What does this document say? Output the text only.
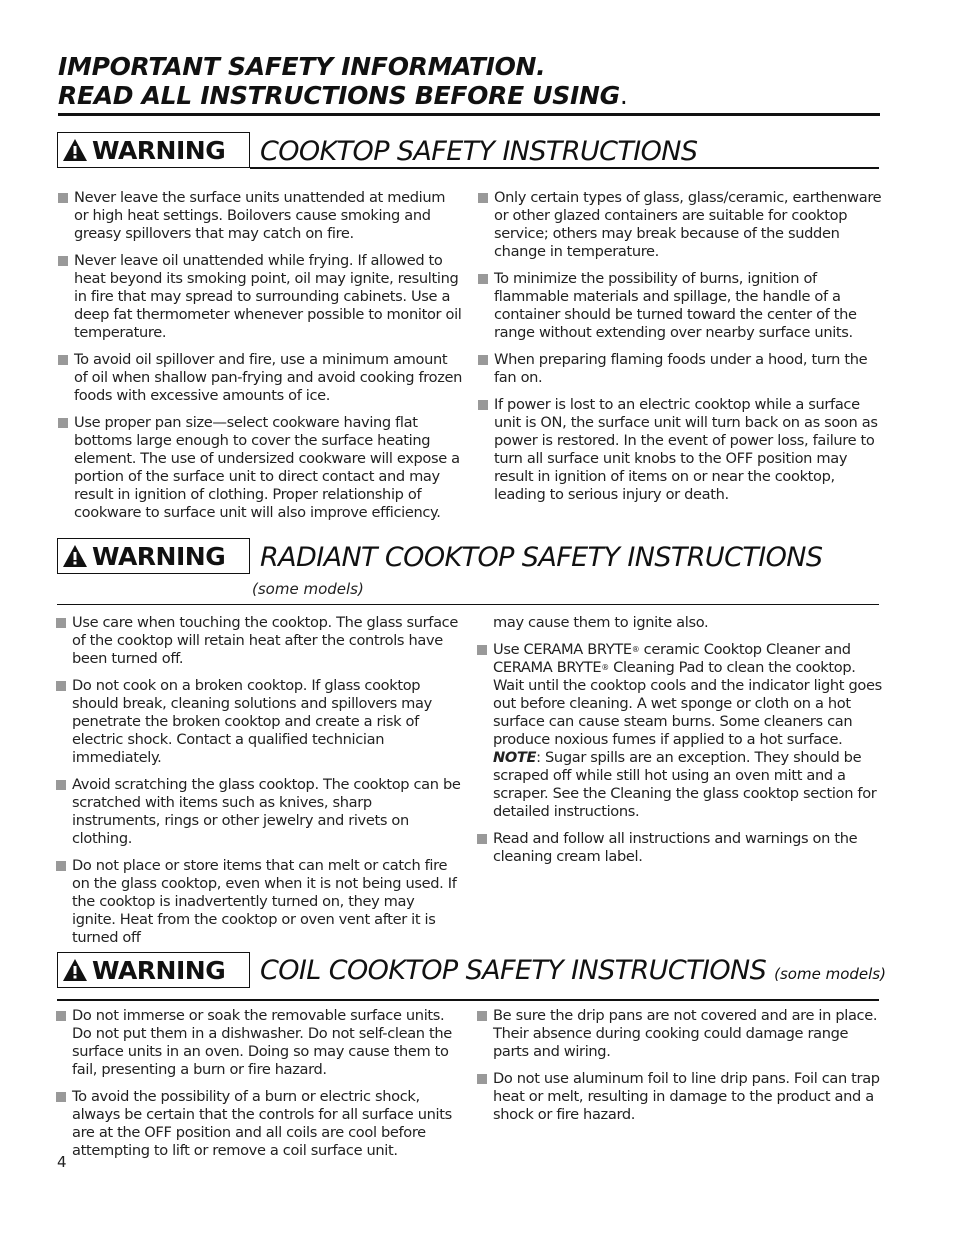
IMPORTANT SAFETY INFORMATION.
READ ALL INSTRUCTIONS BEFORE USING.
WARNING COOKTOP SAFETY INSTRUCTIONS

Never leave the surface units unattended at medium or high heat settings. Boilovers cause smoking and greasy spillovers that may catch on fire.

Never leave oil unattended while frying. If allowed to heat beyond its smoking point, oil may ignite, resulting in fire that may spread to surrounding cabinets. Use a deep fat thermometer whenever possible to monitor oil temperature.

To avoid oil spillover and fire, use a minimum amount of oil when shallow pan-frying and avoid cooking frozen foods with excessive amounts of ice.

Use proper pan size—select cookware having flat bottoms large enough to cover the surface heating element. The use of undersized cookware will expose a portion of the surface unit to direct contact and may result in ignition of clothing. Proper relationship of cookware to surface unit will also improve efficiency.

Only certain types of glass, glass/ceramic, earthenware or other glazed containers are suitable for cooktop service; others may break because of the sudden change in temperature.

To minimize the possibility of burns, ignition of flammable materials and spillage, the handle of a container should be turned toward the center of the range without extending over nearby surface units.

When preparing flaming foods under a hood, turn the fan on.

If power is lost to an electric cooktop while a surface unit is ON, the surface unit will turn back on as soon as power is restored. In the event of power loss, failure to turn all surface unit knobs to the OFF position may result in ignition of items on or near the cooktop, leading to serious injury or death.

WARNING RADIANT COOKTOP SAFETY INSTRUCTIONS
(some models)

Use care when touching the cooktop. The glass surface of the cooktop will retain heat after the controls have been turned off.

Do not cook on a broken cooktop. If glass cooktop should break, cleaning solutions and spillovers may penetrate the broken cooktop and create a risk of electric shock. Contact a qualified technician immediately.

Avoid scratching the glass cooktop. The cooktop can be scratched with items such as knives, sharp instruments, rings or other jewelry and rivets on clothing.

Do not place or store items that can melt or catch fire on the glass cooktop, even when it is not being used. If the cooktop is inadvertently turned on, they may ignite. Heat from the cooktop or oven vent after it is turned off

may cause them to ignite also.

Use CERAMA BRYTE® ceramic Cooktop Cleaner and CERAMA BRYTE® Cleaning Pad to clean the cooktop. Wait until the cooktop cools and the indicator light goes out before cleaning. A wet sponge or cloth on a hot surface can cause steam burns. Some cleaners can produce noxious fumes if applied to a hot surface. NOTE: Sugar spills are an exception. They should be scraped off while still hot using an oven mitt and a scraper. See the Cleaning the glass cooktop section for detailed instructions.

Read and follow all instructions and warnings on the cleaning cream label.

WARNING COIL COOKTOP SAFETY INSTRUCTIONS (some models)

Do not immerse or soak the removable surface units. Do not put them in a dishwasher. Do not self-clean the surface units in an oven. Doing so may cause them to fail, presenting a burn or fire hazard.

To avoid the possibility of a burn or electric shock, always be certain that the controls for all surface units are at the OFF position and all coils are cool before attempting to lift or remove a coil surface unit.

Be sure the drip pans are not covered and are in place. Their absence during cooking could damage range parts and wiring.

Do not use aluminum foil to line drip pans. Foil can trap heat or melt, resulting in damage to the product and a shock or fire hazard.

4
